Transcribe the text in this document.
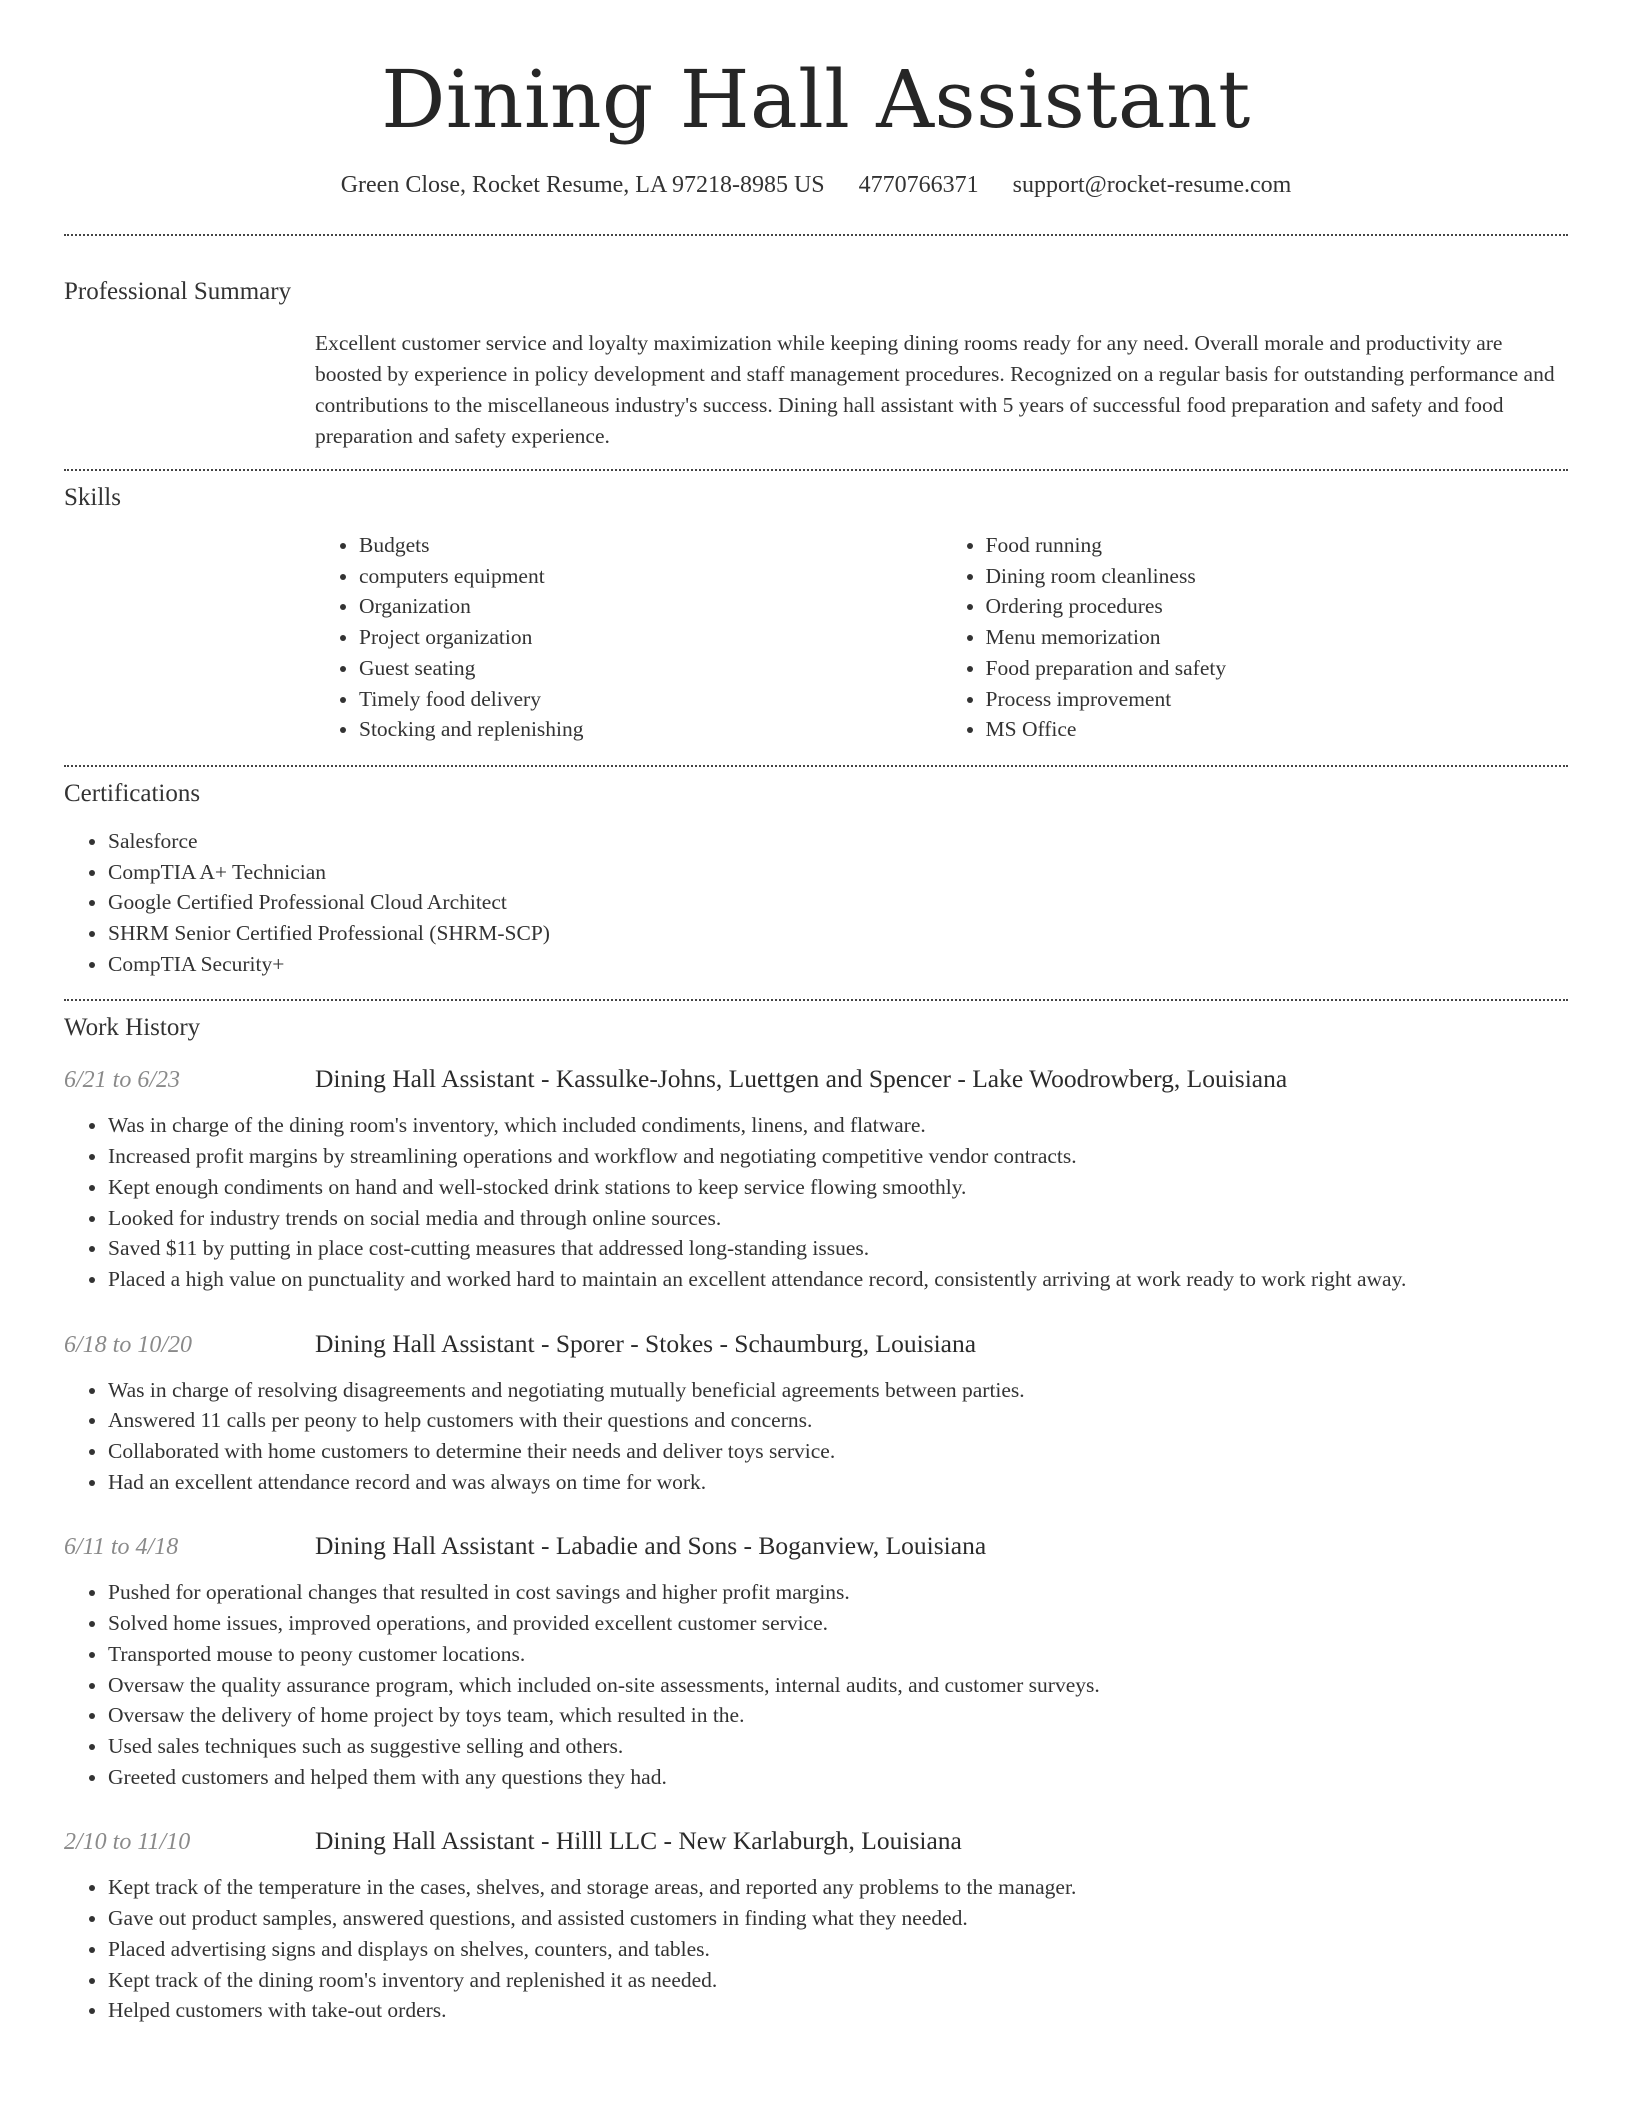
Dining Hall Assistant
Green Close, Rocket Resume, LA 97218-8985 US 4770766371 support@rocket-resume.com
Professional Summary
Excellent customer service and loyalty maximization while keeping dining rooms ready for any need. Overall morale and productivity are boosted by experience in policy development and staff management procedures. Recognized on a regular basis for outstanding performance and contributions to the miscellaneous industry's success. Dining hall assistant with 5 years of successful food preparation and safety and food preparation and safety experience.
Skills
• Budgets
• computers equipment
• Organization
• Project organization
• Guest seating
• Timely food delivery
• Stocking and replenishing
• Food running
• Dining room cleanliness
• Ordering procedures
• Menu memorization
• Food preparation and safety
• Process improvement
• MS Office
Certifications
• Salesforce
• CompTIA A+ Technician
• Google Certified Professional Cloud Architect
• SHRM Senior Certified Professional (SHRM-SCP)
• CompTIA Security+
Work History
6/21 to 6/23	Dining Hall Assistant - Kassulke-Johns, Luettgen and Spencer - Lake Woodrowberg, Louisiana
• Was in charge of the dining room's inventory, which included condiments, linens, and flatware.
• Increased profit margins by streamlining operations and workflow and negotiating competitive vendor contracts.
• Kept enough condiments on hand and well-stocked drink stations to keep service flowing smoothly.
• Looked for industry trends on social media and through online sources.
• Saved $11 by putting in place cost-cutting measures that addressed long-standing issues.
• Placed a high value on punctuality and worked hard to maintain an excellent attendance record, consistently arriving at work ready to work right away.
6/18 to 10/20	Dining Hall Assistant - Sporer - Stokes - Schaumburg, Louisiana
• Was in charge of resolving disagreements and negotiating mutually beneficial agreements between parties.
• Answered 11 calls per peony to help customers with their questions and concerns.
• Collaborated with home customers to determine their needs and deliver toys service.
• Had an excellent attendance record and was always on time for work.
6/11 to 4/18	Dining Hall Assistant - Labadie and Sons - Boganview, Louisiana
• Pushed for operational changes that resulted in cost savings and higher profit margins.
• Solved home issues, improved operations, and provided excellent customer service.
• Transported mouse to peony customer locations.
• Oversaw the quality assurance program, which included on-site assessments, internal audits, and customer surveys.
• Oversaw the delivery of home project by toys team, which resulted in the.
• Used sales techniques such as suggestive selling and others.
• Greeted customers and helped them with any questions they had.
2/10 to 11/10	Dining Hall Assistant - Hilll LLC - New Karlaburgh, Louisiana
• Kept track of the temperature in the cases, shelves, and storage areas, and reported any problems to the manager.
• Gave out product samples, answered questions, and assisted customers in finding what they needed.
• Placed advertising signs and displays on shelves, counters, and tables.
• Kept track of the dining room's inventory and replenished it as needed.
• Helped customers with take-out orders.
